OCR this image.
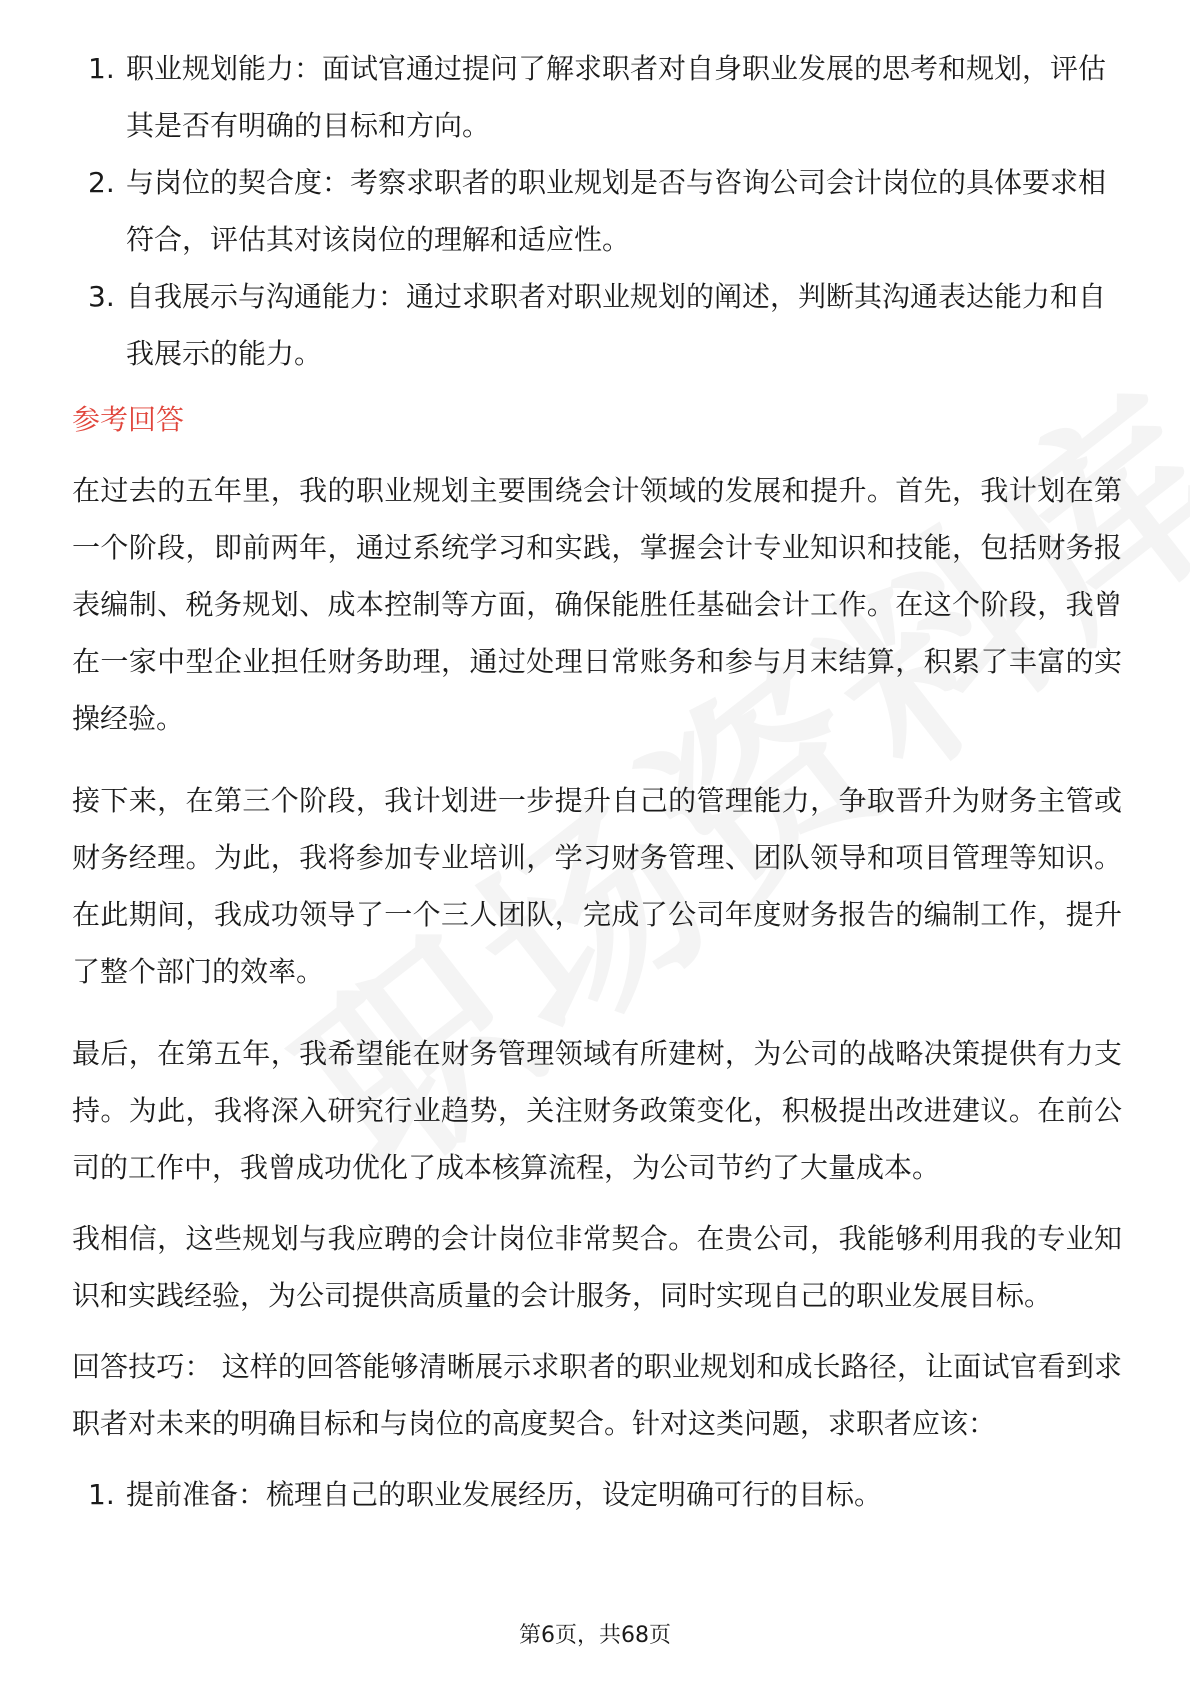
1. 职业规划能力：面试官通过提问了解求职者对自身职业发展的思考和规划，评估其是否有明确的目标和方向。
2. 与岗位的契合度：考察求职者的职业规划是否与咨询公司会计岗位的具体要求相符合，评估其对该岗位的理解和适应性。
3. 自我展示与沟通能力：通过求职者对职业规划的阐述，判断其沟通表达能力和自我展示的能力。
参考回答

在过去的五年里，我的职业规划主要围绕会计领域的发展和提升。首先，我计划在第一个阶段，即前两年，通过系统学习和实践，掌握会计专业知识和技能，包括财务报表编制、税务规划、成本控制等方面，确保能胜任基础会计工作。在这个阶段，我曾在一家中型企业担任财务助理，通过处理日常账务和参与月末结算，积累了丰富的实操经验。

接下来，在第三个阶段，我计划进一步提升自己的管理能力，争取晋升为财务主管或财务经理。为此，我将参加专业培训，学习财务管理、团队领导和项目管理等知识。在此期间，我成功领导了一个三人团队，完成了公司年度财务报告的编制工作，提升了整个部门的效率。

最后，在第五年，我希望能在财务管理领域有所建树，为公司的战略决策提供有力支持。为此，我将深入研究行业趋势，关注财务政策变化，积极提出改进建议。在前公司的工作中，我曾成功优化了成本核算流程，为公司节约了大量成本。

我相信，这些规划与我应聘的会计岗位非常契合。在贵公司，我能够利用我的专业知识和实践经验，为公司提供高质量的会计服务，同时实现自己的职业发展目标。

回答技巧： 这样的回答能够清晰展示求职者的职业规划和成长路径，让面试官看到求职者对未来的明确目标和与岗位的高度契合。针对这类问题，求职者应该：

1. 提前准备：梳理自己的职业发展经历，设定明确可行的目标。
第6页，共68页
